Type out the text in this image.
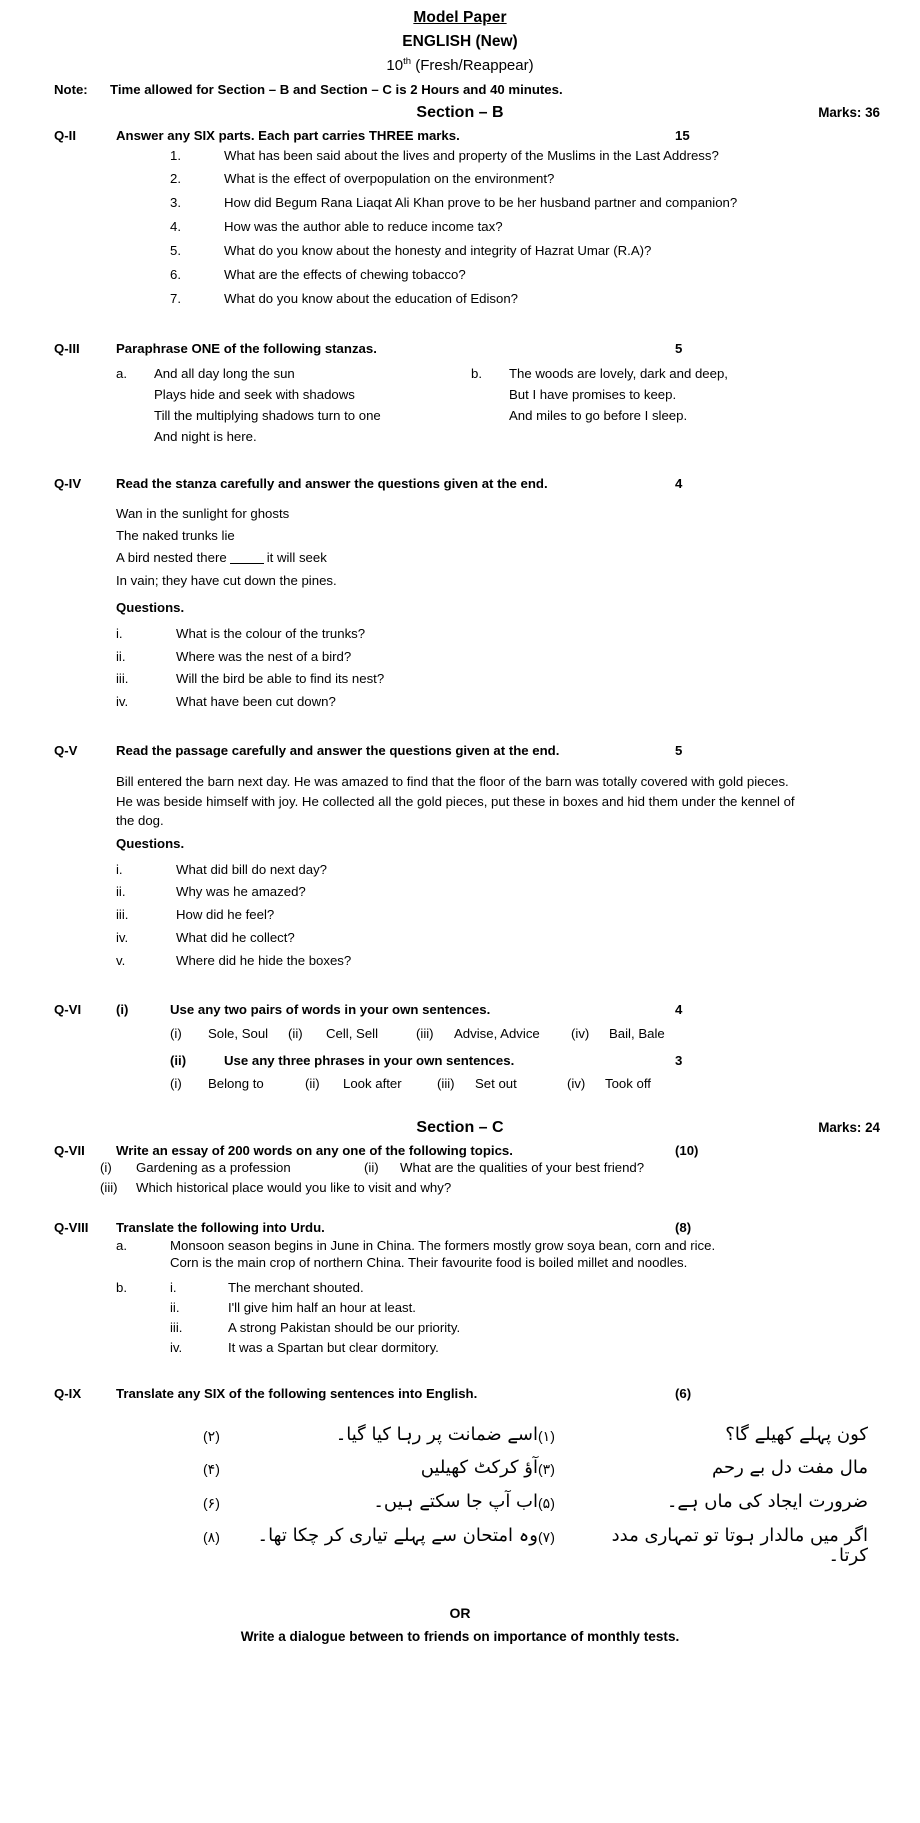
Model Paper
ENGLISH (New)
10th (Fresh/Reappear)
Note:	Time allowed for Section – B and Section – C is 2 Hours and 40 minutes.
Section – B	Marks: 36
Q-II	Answer any SIX parts. Each part carries THREE marks.	15
1.	What has been said about the lives and property of the Muslims in the Last Address?
2.	What is the effect of overpopulation on the environment?
3.	How did Begum Rana Liaqat Ali Khan prove to be her husband partner and companion?
4.	How was the author able to reduce income tax?
5.	What do you know about the honesty and integrity of Hazrat Umar (R.A)?
6.	What are the effects of chewing tobacco?
7.	What do you know about the education of Edison?
Q-III	Paraphrase ONE of the following stanzas.	5
a.	And all day long the sun
Plays hide and seek with shadows
Till the multiplying shadows turn to one
And night is here.
b.	The woods are lovely, dark and deep,
But I have promises to keep.
And miles to go before I sleep.
Q-IV	Read the stanza carefully and answer the questions given at the end.	4
Wan in the sunlight for ghosts
The naked trunks lie
A bird nested there	it will seek
In vain; they have cut down the pines.
Questions.
i.	What is the colour of the trunks?
ii.	Where was the nest of a bird?
iii.	Will the bird be able to find its nest?
iv.	What have been cut down?
Q-V	Read the passage carefully and answer the questions given at the end.	5
Bill entered the barn next day. He was amazed to find that the floor of the barn was totally covered with gold pieces. He was beside himself with joy. He collected all the gold pieces, put these in boxes and hid them under the kennel of the dog.
Questions.
i.	What did bill do next day?
ii.	Why was he amazed?
iii.	How did he feel?
iv.	What did he collect?
v.	Where did he hide the boxes?
Q-VI	(i)	Use any two pairs of words in your own sentences.	4
(i)	Sole, Soul (ii)	Cell, Sell	(iii)	Advise, Advice (iv)	Bail, Bale
(ii)	Use any three phrases in your own sentences.	3
(i)	Belong to	(ii)	Look after	(iii)	Set out	(iv)	Took off
Section – C	Marks: 24
Q-VII	Write an essay of 200 words on any one of the following topics.	(10)
(i)	Gardening as a profession	(ii)	What are the qualities of your best friend?
(iii)	Which historical place would you like to visit and why?
Q-VIII	Translate the following into Urdu.	(8)
a.	Monsoon season begins in June in China. The formers mostly grow soya bean, corn and rice.
Corn is the main crop of northern China. Their favourite food is boiled millet and noodles.
b.	i.	The merchant shouted.
ii.	I'll give him half an hour at least.
iii.	A strong Pakistan should be our priority.
iv.	It was a Spartan but clear dormitory.
Q-IX	Translate any SIX of the following sentences into English.	(6)
(۲)	اسے ضمانت پر رہا کیا گیا۔ (۱)	کون پہلے کھیلے گا؟
(۴)	آؤ کرکٹ کھیلیں (۳)	مال مفت دل بے رحم
(۶)	اب آپ جا سکتے ہیں۔ (۵)	ضرورت ایجاد کی ماں ہے۔
(۸)	وہ امتحان سے پہلے تیاری کر چکا تھا۔ (۷)	اگر میں مالدار ہوتا تو تمہاری مدد کرتا۔
OR
Write a dialogue between to friends on importance of monthly tests.
